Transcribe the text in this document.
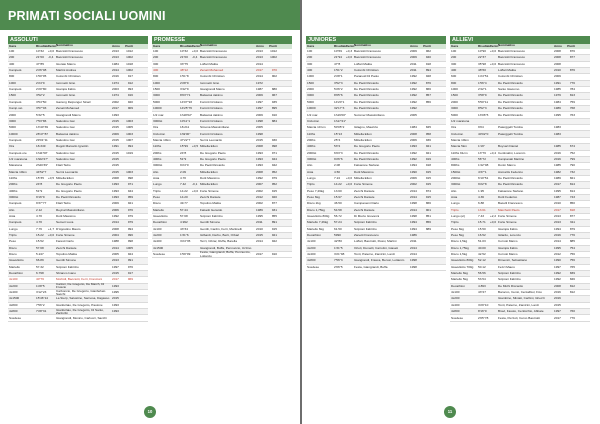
PRIMATI SOCIALI UOMINI
ASSOLUTI
Gara	Risultato
Vento Nominativo	Anno	Punti
100	10"32	+0,0 Bacciotti Francesco	2013	1012
200	21"00	-0,4 Bacciotti Francesco	2013	1002
400	47"85	Giorato Marco	1984	1018
Campest.	2'26"08	Martini Andrea	2014	1002
800	1'50"05	Colombi Christian	2016	917
1000	2'24"9	Iommetti Gino	1974	912
Campest.	2'20"80	Giampà Fabio	2003	993
1500	3'52"2	Iommetti Gino	1974	916
Campest.	3'54"50	Gazeng Deiponger Sinail	2002	920
Camp.vet.	3'57"03	Zenati Mohamed	2017	909
2000	5'32"5	Giangrandi Marco	1993
3000	7'53"86	Salustino Gai	2015	1003
5000	13'40"39	Salustino Gai	2015	1005
10000	28'47"87	Balsamà Jakimo	2009	1003
Campest.	29'01"11	Salustino Gai	2015	1007
Ora	18.349	Rugoli Marcello Ignottin	1991	994
Campest.ore	1h11'50"	Salustino Gai	2015	1019
1/2 maratona	1h02'27"	Salustino Gai	2015
Maratona	2h20'39"	Fitali Tazio	2015
Marcia 10km	44'52"7	Sermi Leonardo	2015	1003
110hs	15"35	+0,5 Mittella Elton	2008	998
200hs	24"8	De Gregorio Paolo	1993	971
400hs	51"9	De Gregorio Paolo	1993	944
3000st	9'16"9	De Paoli Riccardo	1993	959
Campest.	9'37"77	Fitali Tazio	2009	921
Alto	2.12	Reynal Massimiliano	2006	976
Asta	4.70	Dotti Massimo	1992	979
Campest.	4.70	Semeri Luca	2014	979
Lungo	7.76	+1,7 D'Agostino Mauro	2008	994
Triplo	15.22	+0,0 Forte Simone	2004	996
Peso	15.52	Faresti Carlo	1988	998
Disco	57.68	Zecchi Daniele	2014	1005
Disco	5.247	Topolino Mattia	2005	924
Giavellotto	66.89	Gentili Simone	2013	991
Martello	57.32	Scipioni Fabrizio	1997	976
Decathlon	6.798	Sbranco Ivano	2015	917
4x100	40"76	Morbidi, Bacciotti, Ferri, Francioni	2017	969
4x200	1'28"5	Carloni, De Gregorio, De March, Di Fruscio	1993
4x400	3'12"23	Carboncio, De Gregorio, Gianferlaio Sacchi	1995
4x1500	15'46"14	La Sterp, Salustino, Sarnosa, Dagasso 2015
4x800	7'56"2	Gianferlaio, De Gregorio, Paolone	1993
4x800	7'28"31	Gianferlaio, De Gregorio, Di Santo, Zanforlin	1993
Svedese	Giangrandi, Monico, Carlucci, Sacchi
PROMESSE
Gara	Risultato
Vento Nominativo	Anno	Punti
100	10"32	+0,0 Bacciotti Francesco	2013	1012
200	21"00	-0,4 Bacciotti Francesco	2013	1002
300	33"75	Loffari Mattia	2014
400	48"12	Zenati Mohamed	2017	970
800	1'51"8	Colombi Christian	2014	902
1000	2'28"9	Iommetti Gino	1972
1500	3'42"9	Giangrandi Marco	1987	880
3000	8'03"71	Balsamà Jakimo	2009	967
5000	14'07"93	Formiti Cristiano	1997	935
10000	14'25"76	Formiti Cristiano	1997	895
1/2 mar.	1h18'02"	Balsamà Jakimo	2009	910
3000st	10'11"1	Formiti Cristiano	1998	884
Ora	18.211	Simona Massimiliano	2005
Ciclotron	1h9'00"	Formiti Cristiano	1998
Marcia 10km	47'22"7	Sermi Leonardo	2015	930
110hs	15"99	+0,5 Mittella Elton	2008	998
200hs	24"8	De Gregorio Paolo	1993	971
400hs	51"9	De Gregorio Paolo	1993	944
3000st	9'24"0	De Paoli Riccardo	1993	942
Alto	2.09	Mittella Elton	2008	952
Asta	4.70	Dotti Massimo	1992	979
Lungo	7.42	-0,1 Mittella Elton	2007	952
Triplo	14.22	+0,0 Forte Simone	2002	915
Peso	14.20	Zecchi Daniele	2012	920
Disco	49.77	Topolino Mattia	2002	877
Martello	57.44	Falsetti Gerardo	1989	931
Giavellotto	57.68	Scipioni Fabrizio	1995	855
Decathlon	4.992	Gentili Simone	2011	891
4x100	43"34	Gentili, Cardin, Ferri, Martinelli	2010	915
4x200	1'31"6	Gilbardi, Derbo, Berti, Orbari	2015	921
4x400	3'24"35	Terzi, Cibrar, Ruffa, Barella	2014	922
4x1500	Giangrandi, Buffa, Pennuccio, Uzzino
Svedese	1'59"09	Festa, Giangrandi, Buffa, Pennuccio, Lottanzo	2017	910
10
JUNIORES
Gara	Risultato
Vento Nominativo	Anno	Punti
100	10"69	+0,3 Bacciotti Francesco	2009	962
200	21"94	+0,0 Bacciotti Francesco	2009	940
300	47"8	Loffari Mattia	2011	918
400	1'51"2	Colombi Christian	2011	894
1000	2'28"1	Paranoid Di Paolo	1992	928
1500	3'52"3	De Paoli Riccardo	1992	876
2000	5'26"2	De Paoli Riccardo	1992	866
3000	8'05"6	De Paoli Riccardo	1992	857
5000	14'20"1	De Paoli Riccardo	1992	856
10000	32'17"3	De Paoli Riccardo	1992
1/2 mar.	1h19'00"	Sommer Massimiliano	2005
Ciclotron	1h17'21"
Marcia 10 km	50'05"2	Gilagno, Maurizio	1984	845
110hs	15"13	Mittella Elton	2008	958
200hs	25"4	Mittella Elton	2006	936
400hs	53"2	De Gregorio Paolo	1993	921
2000st	6'03"3	De Paoli Riccardo	1992	921
3000st	9'26"6	De Paoli Riccardo	1992	919
Alto	2.08	Falsarone Stefano	1994	918
Asta	4.50	Dotti Massimo	1990	915
Lungo	7.24	+0,0 Mittella Elton	2006	915
Triplo	14.22	+0,0 Forte Simone	2002	915
Peso 7,26kg	13.60	Zecchi Daniele	2014	874
Peso 6kg	15.97	Zecchi Daniele	2014	915
Disco 2kg	46.50	Campanemi Dario	1998	866
Disco 1,75kg	54.58	Zecchi Daniele	2014	901
Giavellotto 800g	56.72	Di Muzio Giovanni	1998	851
Martello 7,26kg	57.24	Scipioni Fabrizio	1994	856
Martello 6kg	61.50	Scipioni Fabrizio	1994	889
Decathlon	5990	Zanetti Francesco	1986
4x100	42"80	Loffari, Bacciotti, Rossi, Martini	2011
4x200	1'31"5	Ortoli, Dumelli, Carrolini, Giaseti	2014
4x400	3'21"98	Tonti, Paterno, Zamirini, Lanzi	2014
4x800	7'56"3	Giangrandi, Frasca, Berosi, Lottanzo	1998
Svedese	2'06"5	Festa, Giangrandi, Buffa	1998
ALLIEVI
Gara	Risultato
Vento Nominativo	Anno	Punti
100	10"90	+0,0 Bacciotti Francesco	2008	876
200	22"37	Bacciotti Francesco	2008	877
300	35"98	+0,0 Bacciotti Francesco	2008
400	48"60	Loffari Mattia	2010	876
600	1'24"51	Colombi Christian	2009
800	1'56"4	De Paoli Riccardo	1991	776
1000	2'42"1	Santo Giacomo	1985	784
1500	3'58"9	De Paoli Riccardo	1979	813
2000	5'50"11	De Paoli Riccardo	1984	759
3000	8'52"3	De Paoli Riccardo	1989	768
5000	13'06"5	De Paoli Riccardo	1995	763
1/2 maratona
Ora	9'04	Paterggelli Tomba	1983
Ciclotron	40'02"0	Paterggelli Tomba	1983
Marcia 10km
Marcia 5km	1'19"	Boyvart Daniel	1985	674
110hs 91cm	13"76	+0,4 Centinalini, Lorenzo	2016	752
400hs	56"72	Campanati Martino	2016	799
800hs	1'42"08	Donin Marco	1985	790
1500st	4'37"1	Asmartis Federico	1982	732
2000st	6'10"51	De Paoli Riccardo	1989	821
3000st	9'22"8	De Paoli Riccardo	2017	814
Alto	1.95	Falsarone Stefano	1995	814
Asta	4.36	Dotti Federico	1987	743
Lungo	6.88	Bacelli Francesco	2010	850
Triplo	13.61	Marchetti Paolo	2017	818
Lungo (el)	7.43	+2,2 Forte Simone	2013	877
Triplo	15.71	+0,0 Forte Simone	2013	911
Peso 6kg	15.50	Giampà Fabio	1994	879
Peso 5kg	16.52	Gilardo, Lorenzo	2016	776
Disco 1,5kg	51.03	Cornoti Marco	2014	885
Disco 1,75kg	40.00	Giampà Fabio	1995	754
Disco 1,5kg	42.52	Cornoti Marco	2012	756
Giavellotto 800g	52.12	Dimenici, Sebastiano	1990	756
Giavellotto 700g	50.12	Fezzi Mauro	1997	765
Martello 6kg	56.56	Scipioni Fabrizio	1992	839
Martello 5kg	53.54	Scipioni Fabrizio	1992	846
Decathlon	4.893	De Michi Riccardo	2008	812
4x100	43"27	Barocco, Censi, Centalbiol, Fico	2016	812
4x200	Giambino, Miniati, Carbini, Ghezzi	2016
4x400	3'29"10	Tonti, Paterno, Zamirini, Lanzi	2015
4x800	8'16"0	Bravi, Fasolo, Centicchio, Abbate	1997	760
Svedese	2'05"78	Festa, Pezzoli, Cervo Bacciotti	2017	776
11
